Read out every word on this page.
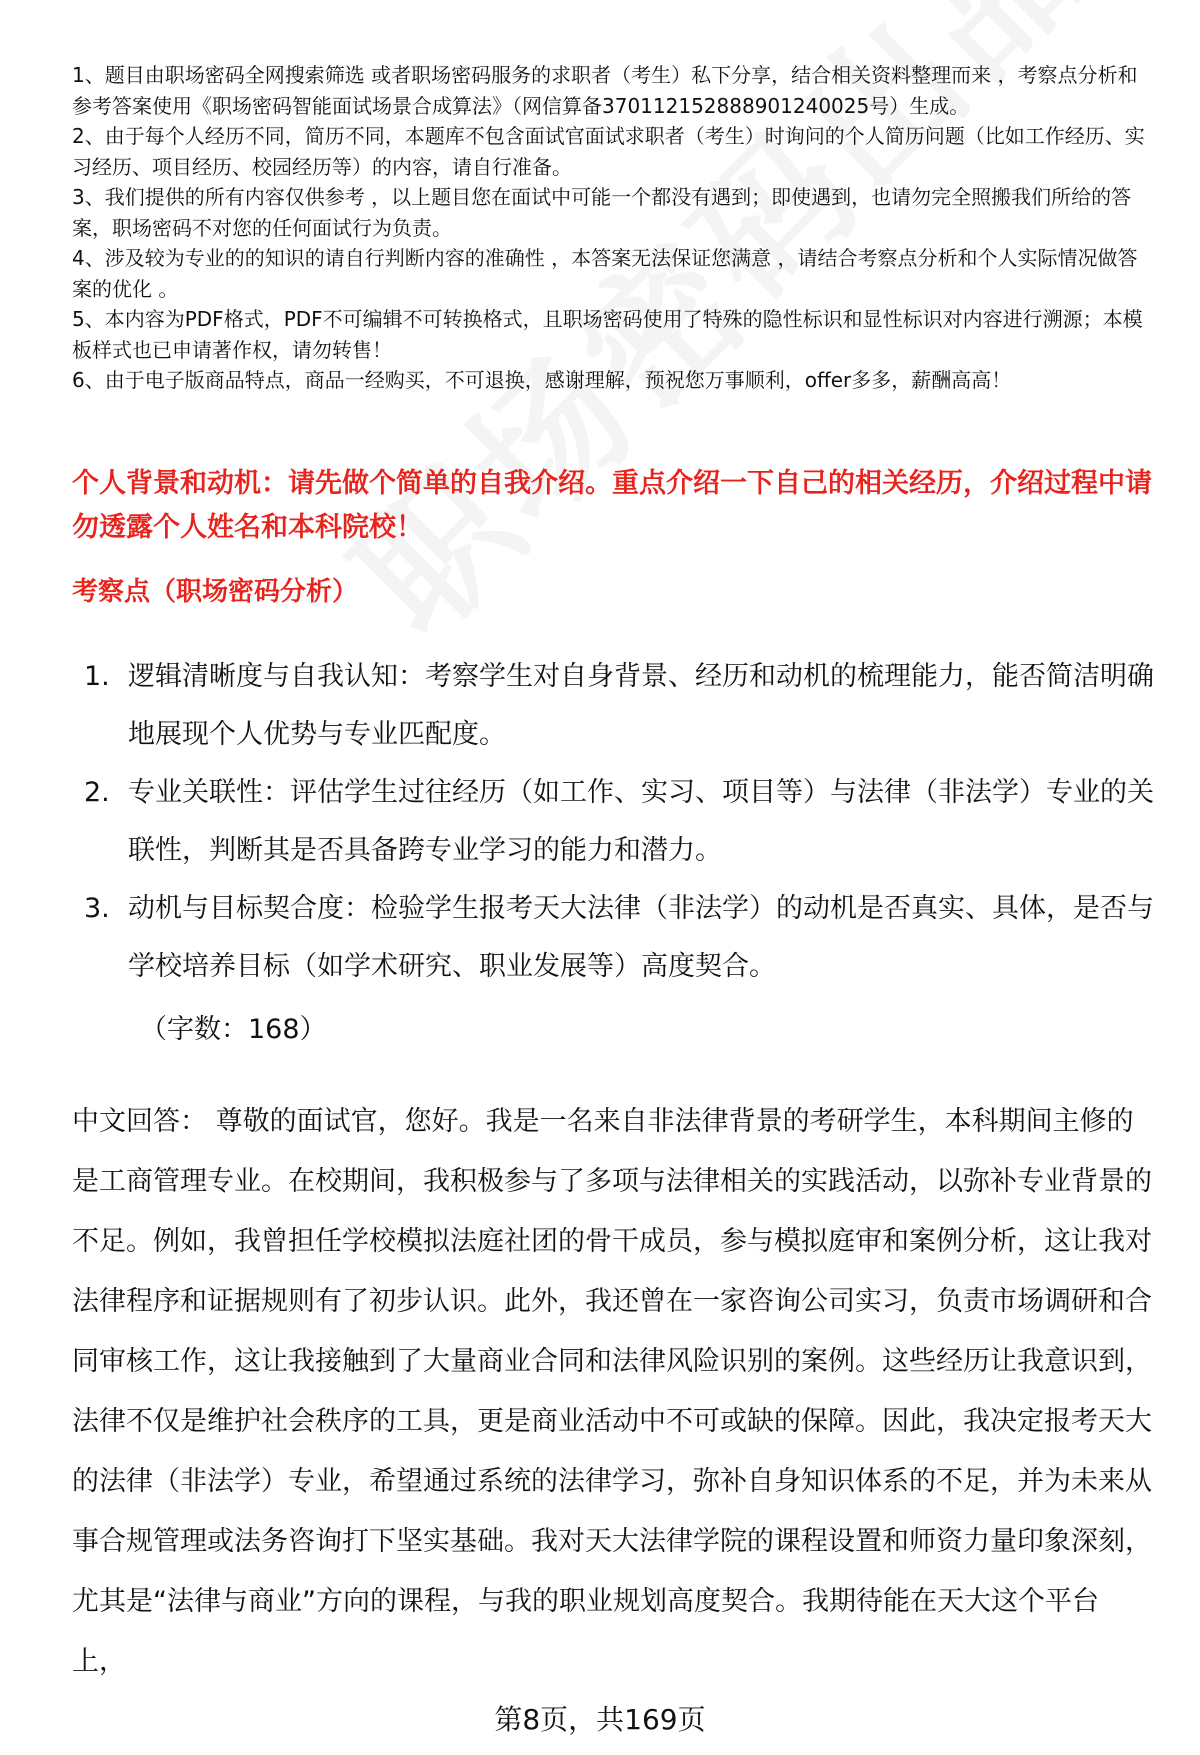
1、题目由职场密码全网搜索筛选 或者职场密码服务的求职者（考生）私下分享，结合相关资料整理而来 ，考察点分析和参考答案使用《职场密码智能面试场景合成算法》（网信算备370112152888901240025号）生成。

2、由于每个人经历不同，简历不同，本题库不包含面试官面试求职者（考生）时询问的个人简历问题（比如工作经历、实习经历、项目经历、校园经历等）的内容，请自行准备。

3、我们提供的所有内容仅供参考 ，以上题目您在面试中可能一个都没有遇到；即使遇到，也请勿完全照搬我们所给的答案，职场密码不对您的任何面试行为负责。

4、涉及较为专业的的知识的请自行判断内容的准确性 ，本答案无法保证您满意 ，请结合考察点分析和个人实际情况做答案的优化 。

5、本内容为PDF格式，PDF不可编辑不可转换格式，且职场密码使用了特殊的隐性标识和显性标识对内容进行溯源；本模板样式也已申请著作权，请勿转售！

6、由于电子版商品特点，商品一经购买，不可退换，感谢理解，预祝您万事顺利，offer多多，薪酬高高！

个人背景和动机：请先做个简单的自我介绍。重点介绍一下自己的相关经历，介绍过程中请勿透露个人姓名和本科院校！
考察点（职场密码分析）
1. 逻辑清晰度与自我认知：考察学生对自身背景、经历和动机的梳理能力，能否简洁明确地展现个人优势与专业匹配度。
2. 专业关联性：评估学生过往经历（如工作、实习、项目等）与法律（非法学）专业的关联性，判断其是否具备跨专业学习的能力和潜力。
3. 动机与目标契合度：检验学生报考天大法律（非法学）的动机是否真实、具体，是否与学校培养目标（如学术研究、职业发展等）高度契合。

（字数：168）

中文回答： 尊敬的面试官，您好。我是一名来自非法律背景的考研学生，本科期间主修的是工商管理专业。在校期间，我积极参与了多项与法律相关的实践活动，以弥补专业背景的不足。例如，我曾担任学校模拟法庭社团的骨干成员，参与模拟庭审和案例分析，这让我对法律程序和证据规则有了初步认识。此外，我还曾在一家咨询公司实习，负责市场调研和合同审核工作，这让我接触到了大量商业合同和法律风险识别的案例。这些经历让我意识到，法律不仅是维护社会秩序的工具，更是商业活动中不可或缺的保障。因此，我决定报考天大的法律（非法学）专业，希望通过系统的法律学习，弥补自身知识体系的不足，并为未来从事合规管理或法务咨询打下坚实基础。我对天大法律学院的课程设置和师资力量印象深刻，尤其是“法律与商业”方向的课程，与我的职业规划高度契合。我期待能在天大这个平台上，

第8页，共169页
